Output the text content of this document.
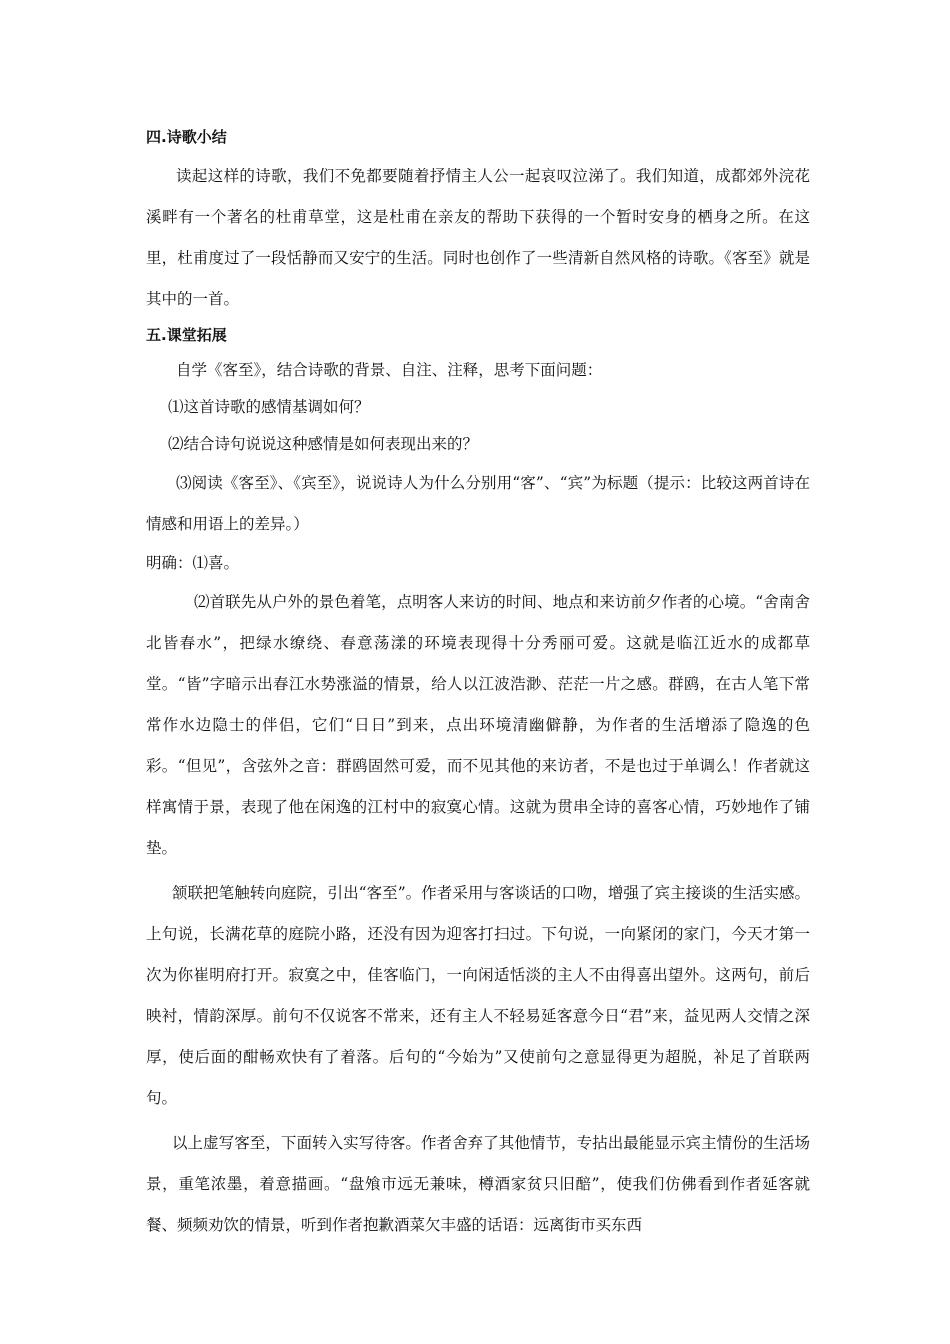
四.诗歌小结

读起这样的诗歌，我们不免都要随着抒情主人公一起哀叹泣涕了。我们知道，成都郊外浣花溪畔有一个著名的杜甫草堂，这是杜甫在亲友的帮助下获得的一个暂时安身的栖身之所。在这里，杜甫度过了一段恬静而又安宁的生活。同时也创作了一些清新自然风格的诗歌。《客至》就是其中的一首。

五.课堂拓展

自学《客至》，结合诗歌的背景、自注、注释，思考下面问题：

⑴这首诗歌的感情基调如何？

⑵结合诗句说说这种感情是如何表现出来的？

⑶阅读《客至》、《宾至》，说说诗人为什么分别用“客”、“宾”为标题（提示：比较这两首诗在情感和用语上的差异。）

明确：⑴喜。

⑵首联先从户外的景色着笔，点明客人来访的时间、地点和来访前夕作者的心境。“舍南舍北皆春水”，把绿水缭绕、春意荡漾的环境表现得十分秀丽可爱。这就是临江近水的成都草堂。“皆”字暗示出春江水势涨溢的情景，给人以江波浩渺、茫茫一片之感。群鸥，在古人笔下常常作水边隐士的伴侣，它们“日日”到来，点出环境清幽僻静，为作者的生活增添了隐逸的色彩。“但见”，含弦外之音：群鸥固然可爱，而不见其他的来访者，不是也过于单调么！作者就这样寓情于景，表现了他在闲逸的江村中的寂寞心情。这就为贯串全诗的喜客心情，巧妙地作了铺垫。

颔联把笔触转向庭院，引出“客至”。作者采用与客谈话的口吻，增强了宾主接谈的生活实感。上句说，长满花草的庭院小路，还没有因为迎客打扫过。下句说，一向紧闭的家门，今天才第一次为你崔明府打开。寂寞之中，佳客临门，一向闲适恬淡的主人不由得喜出望外。这两句，前后映衬，情韵深厚。前句不仅说客不常来，还有主人不轻易延客意今日“君”来，益见两人交情之深厚，使后面的酣畅欢快有了着落。后句的“今始为”又使前句之意显得更为超脱，补足了首联两句。

以上虚写客至，下面转入实写待客。作者舍弃了其他情节，专拈出最能显示宾主情份的生活场景，重笔浓墨，着意描画。“盘飧市远无兼味，樽酒家贫只旧醅”，使我们仿佛看到作者延客就餐、频频劝饮的情景，听到作者抱歉酒菜欠丰盛的话语：远离街市买东西
